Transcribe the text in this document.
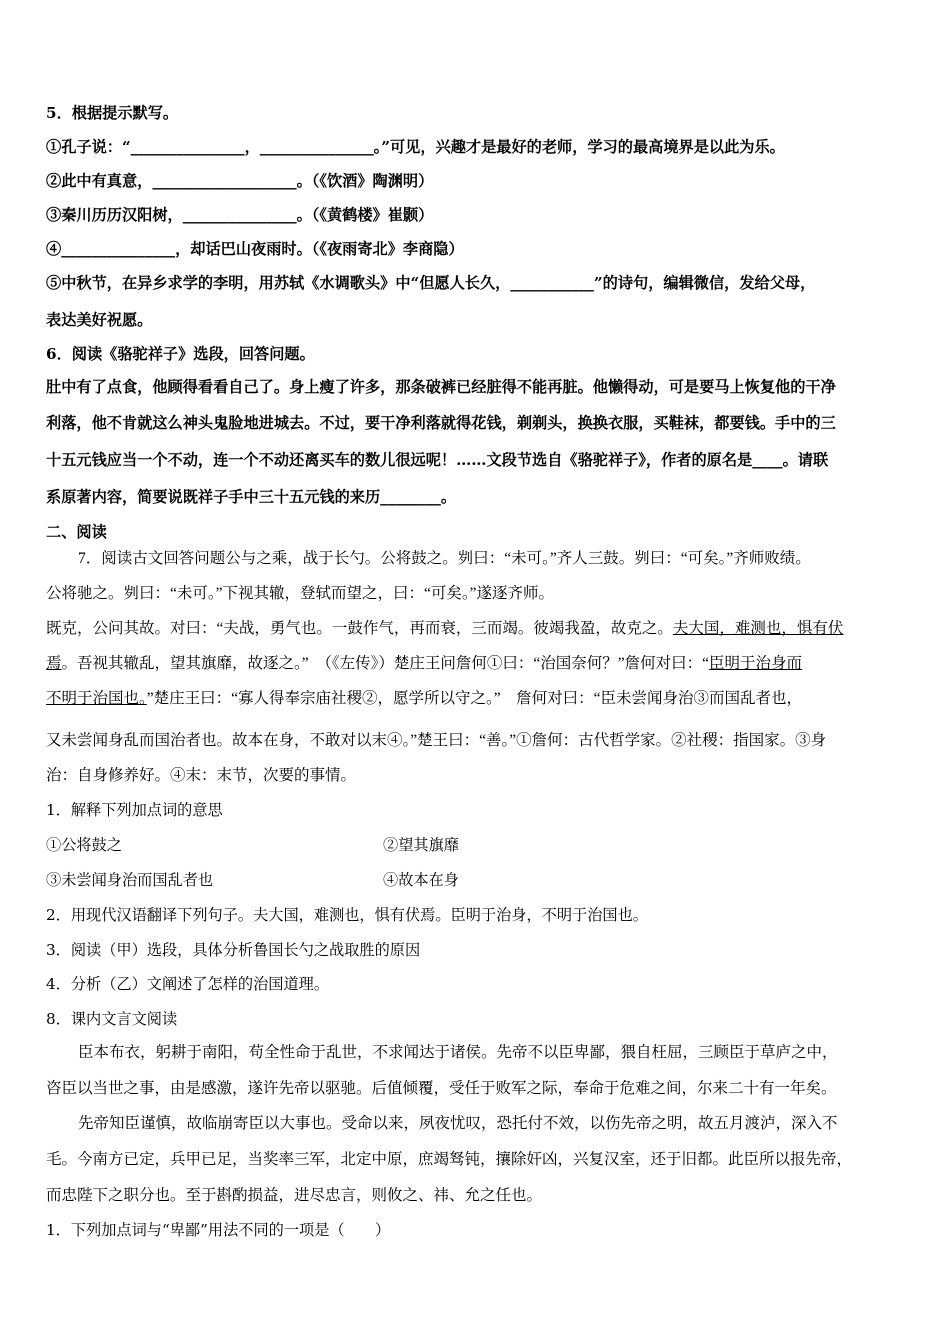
5．根据提示默写。
①孔子说：“_______________，_______________。”可见，兴趣才是最好的老师，学习的最高境界是以此为乐。
②此中有真意，___________________。（《饮酒》陶渊明）
③秦川历历汉阳树，_______________。（《黄鹤楼》崔颢）
④_______________，却话巴山夜雨时。（《夜雨寄北》李商隐）
⑤中秋节，在异乡求学的李明，用苏轼《水调歌头》中“但愿人长久，___________”的诗句，编辑微信，发给父母，
表达美好祝愿。
6．阅读《骆驼祥子》选段，回答问题。
肚中有了点食，他顾得看看自己了。身上瘦了许多，那条破裤已经脏得不能再脏。他懒得动，可是要马上恢复他的干净
利落，他不肯就这么神头鬼脸地进城去。不过，要干净利落就得花钱，剃剃头，换换衣服，买鞋袜，都要钱。手中的三
十五元钱应当一个不动，连一个不动还离买车的数儿很远呢！……文段节选自《骆驼祥子》，作者的原名是____。请联
系原著内容，简要说既祥子手中三十五元钱的来历________。
二、阅读
7．阅读古文回答问题公与之乘，战于长勺。公将鼓之。刿曰：“未可。”齐人三鼓。刿曰：“可矣。”齐师败绩。
公将驰之。刿曰：“未可。”下视其辙，登轼而望之，曰：“可矣。”遂逐齐师。
既克，公问其故。对曰：“夫战，勇气也。一鼓作气，再而衰，三而竭。彼竭我盈，故克之。夫大国，难测也，惧有伏
焉。吾视其辙乱，望其旗靡，故逐之。”　（《左传》）楚庄王问詹何①曰：“治国奈何？”詹何对曰：“臣明于治身而
不明于治国也。”楚庄王曰：“寡人得奉宗庙社稷②，愿学所以守之。”　詹何对曰：“臣未尝闻身治③而国乱者也，
又未尝闻身乱而国治者也。故本在身，不敢对以末④。”楚王曰：“善。”①詹何：古代哲学家。②社稷：指国家。③身
治：自身修养好。④末：末节，次要的事情。
1．解释下列加点词的意思
①公将鼓之	②望其旗靡
③未尝闻身治而国乱者也	④故本在身
2．用现代汉语翻译下列句子。夫大国，难测也，惧有伏焉。臣明于治身，不明于治国也。
3．阅读（甲）选段，具体分析鲁国长勺之战取胜的原因
4．分析（乙）文阐述了怎样的治国道理。
8．课内文言文阅读
臣本布衣，躬耕于南阳，苟全性命于乱世，不求闻达于诸侯。先帝不以臣卑鄙，猥自枉屈，三顾臣于草庐之中，
咨臣以当世之事，由是感激，遂许先帝以驱驰。后值倾覆，受任于败军之际，奉命于危难之间，尔来二十有一年矣。
先帝知臣谨慎，故临崩寄臣以大事也。受命以来，夙夜忧叹，恐托付不效，以伤先帝之明，故五月渡泸，深入不
毛。今南方已定，兵甲已足，当奖率三军，北定中原，庶竭驽钝，攘除奸凶，兴复汉室，还于旧都。此臣所以报先帝，
而忠陛下之职分也。至于斟酌损益，进尽忠言，则攸之、祎、允之任也。
1．下列加点词与“卑鄙”用法不同的一项是（　　）
